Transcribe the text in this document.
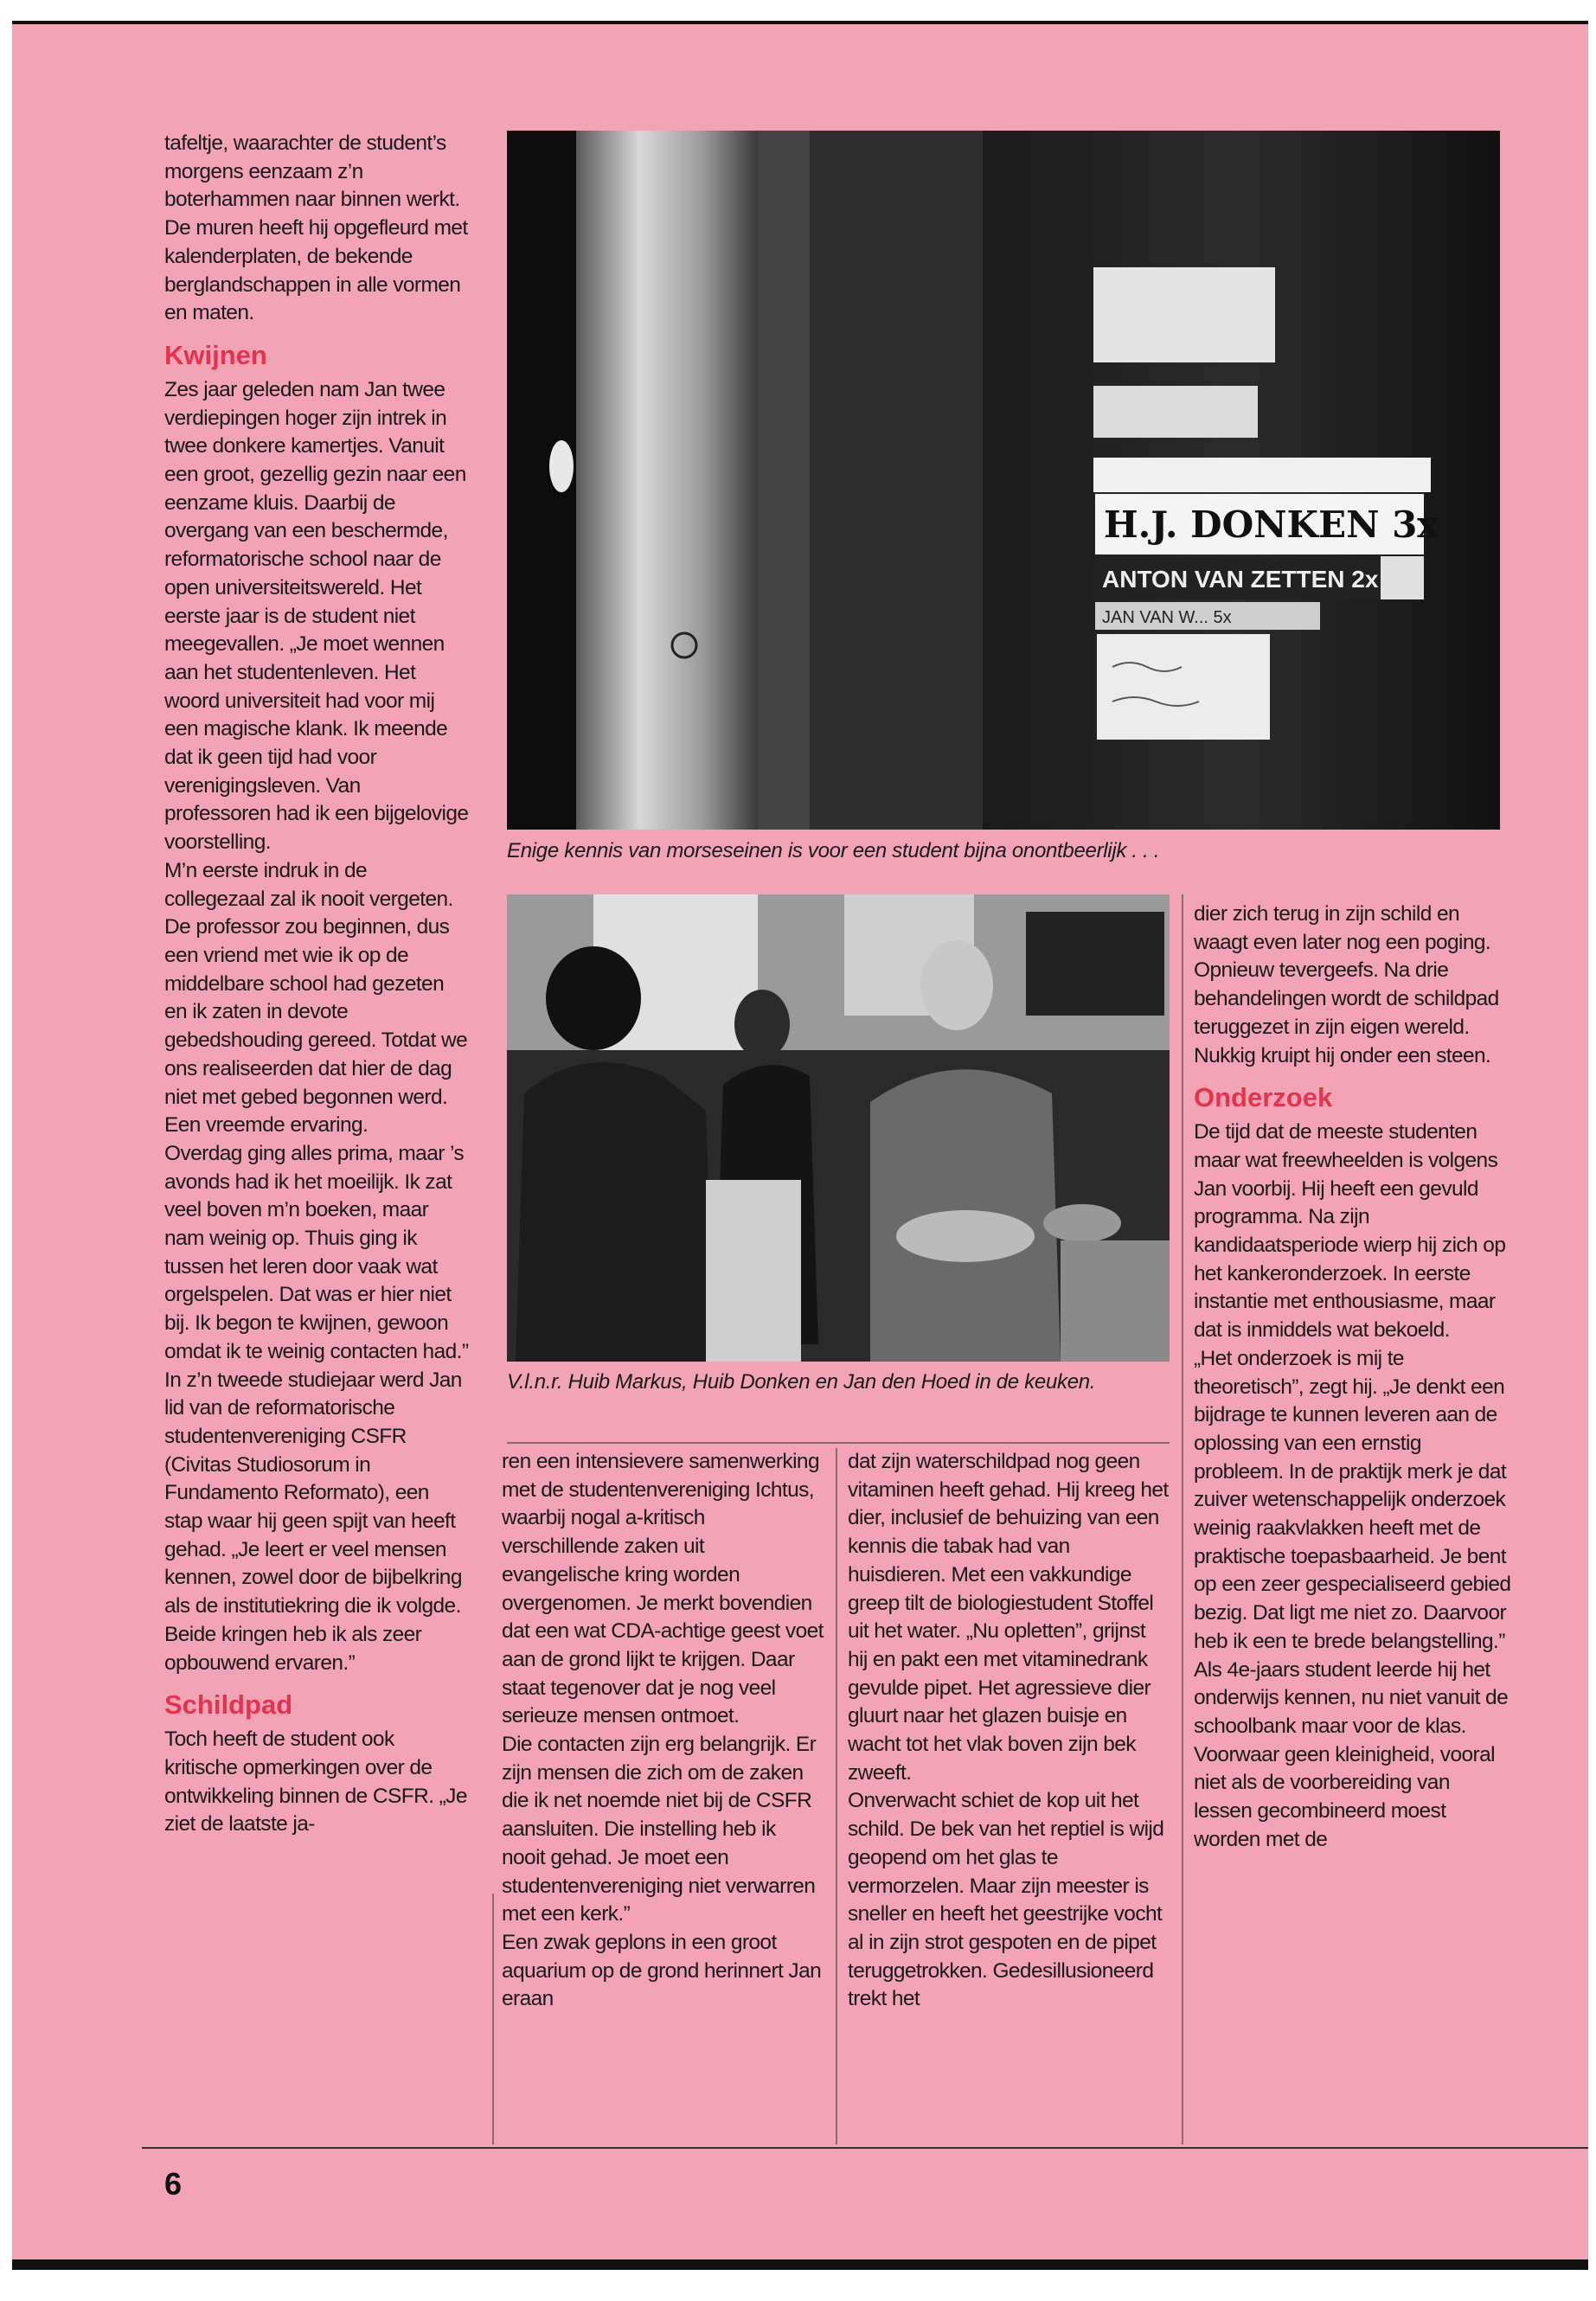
tafeltje, waarachter de student’s morgens eenzaam z’n boterhammen naar binnen werkt. De muren heeft hij opgefleurd met kalenderplaten, de bekende berglandschappen in alle vormen en maten.

Kwijnen

Zes jaar geleden nam Jan twee verdiepingen hoger zijn intrek in twee donkere kamertjes. Vanuit een groot, gezellig gezin naar een eenzame kluis. Daarbij de overgang van een beschermde, reformatorische school naar de open universiteitswereld. Het eerste jaar is de student niet meegevallen. „Je moet wennen aan het studentenleven. Het woord universiteit had voor mij een magische klank. Ik meende dat ik geen tijd had voor verenigingsleven. Van professoren had ik een bijgelovige voorstelling.

M’n eerste indruk in de collegezaal zal ik nooit vergeten. De professor zou beginnen, dus een vriend met wie ik op de middelbare school had gezeten en ik zaten in devote gebedshouding gereed. Totdat we ons realiseerden dat hier de dag niet met gebed begonnen werd. Een vreemde ervaring.

Overdag ging alles prima, maar ’s avonds had ik het moeilijk. Ik zat veel boven m’n boeken, maar nam weinig op. Thuis ging ik tussen het leren door vaak wat orgelspelen. Dat was er hier niet bij. Ik begon te kwijnen, gewoon omdat ik te weinig contacten had.”

In z’n tweede studiejaar werd Jan lid van de reformatorische studentenvereniging CSFR (Civitas Studiosorum in Fundamento Reformato), een stap waar hij geen spijt van heeft gehad. „Je leert er veel mensen kennen, zowel door de bijbelkring als de institutiekring die ik volgde. Beide kringen heb ik als zeer opbouwend ervaren.”

Schildpad

Toch heeft de student ook kritische opmerkingen over de ontwikkeling binnen de CSFR. „Je ziet de laatste ja-

H.J. DONKEN 3x
ANTON VAN ZETTEN 2x
JAN VAN W... 5x
Enige kennis van morseseinen is voor een student bijna onontbeerlijk . . .
V.l.n.r. Huib Markus, Huib Donken en Jan den Hoed in de keuken.

ren een intensievere samenwerking met de studentenvereniging Ichtus, waarbij nogal a-kritisch verschillende zaken uit evangelische kring worden overgenomen. Je merkt bovendien dat een wat CDA-achtige geest voet aan de grond lijkt te krijgen. Daar staat tegenover dat je nog veel serieuze mensen ontmoet.

Die contacten zijn erg belangrijk. Er zijn mensen die zich om de zaken die ik net noemde niet bij de CSFR aansluiten. Die instelling heb ik nooit gehad. Je moet een studentenvereniging niet verwarren met een kerk.”

Een zwak geplons in een groot aquarium op de grond herinnert Jan eraan

dat zijn waterschildpad nog geen vitaminen heeft gehad. Hij kreeg het dier, inclusief de behuizing van een kennis die tabak had van huisdieren. Met een vakkundige greep tilt de biologiestudent Stoffel uit het water. „Nu opletten”, grijnst hij en pakt een met vitaminedrank gevulde pipet. Het agressieve dier gluurt naar het glazen buisje en wacht tot het vlak boven zijn bek zweeft.

Onverwacht schiet de kop uit het schild. De bek van het reptiel is wijd geopend om het glas te vermorzelen. Maar zijn meester is sneller en heeft het geestrijke vocht al in zijn strot gespoten en de pipet teruggetrokken. Gedesillusioneerd trekt het

dier zich terug in zijn schild en waagt even later nog een poging. Opnieuw tevergeefs. Na drie behandelingen wordt de schildpad teruggezet in zijn eigen wereld. Nukkig kruipt hij onder een steen.

Onderzoek

De tijd dat de meeste studenten maar wat freewheelden is volgens Jan voorbij. Hij heeft een gevuld programma. Na zijn kandidaatsperiode wierp hij zich op het kankeronderzoek. In eerste instantie met enthousiasme, maar dat is inmiddels wat bekoeld.

„Het onderzoek is mij te theoretisch”, zegt hij. „Je denkt een bijdrage te kunnen leveren aan de oplossing van een ernstig probleem. In de praktijk merk je dat zuiver wetenschappelijk onderzoek weinig raakvlakken heeft met de praktische toepasbaarheid. Je bent op een zeer gespecialiseerd gebied bezig. Dat ligt me niet zo. Daarvoor heb ik een te brede belangstelling.”

Als 4e-jaars student leerde hij het onderwijs kennen, nu niet vanuit de schoolbank maar voor de klas. Voorwaar geen kleinigheid, vooral niet als de voorbereiding van lessen gecombineerd moest worden met de

6
